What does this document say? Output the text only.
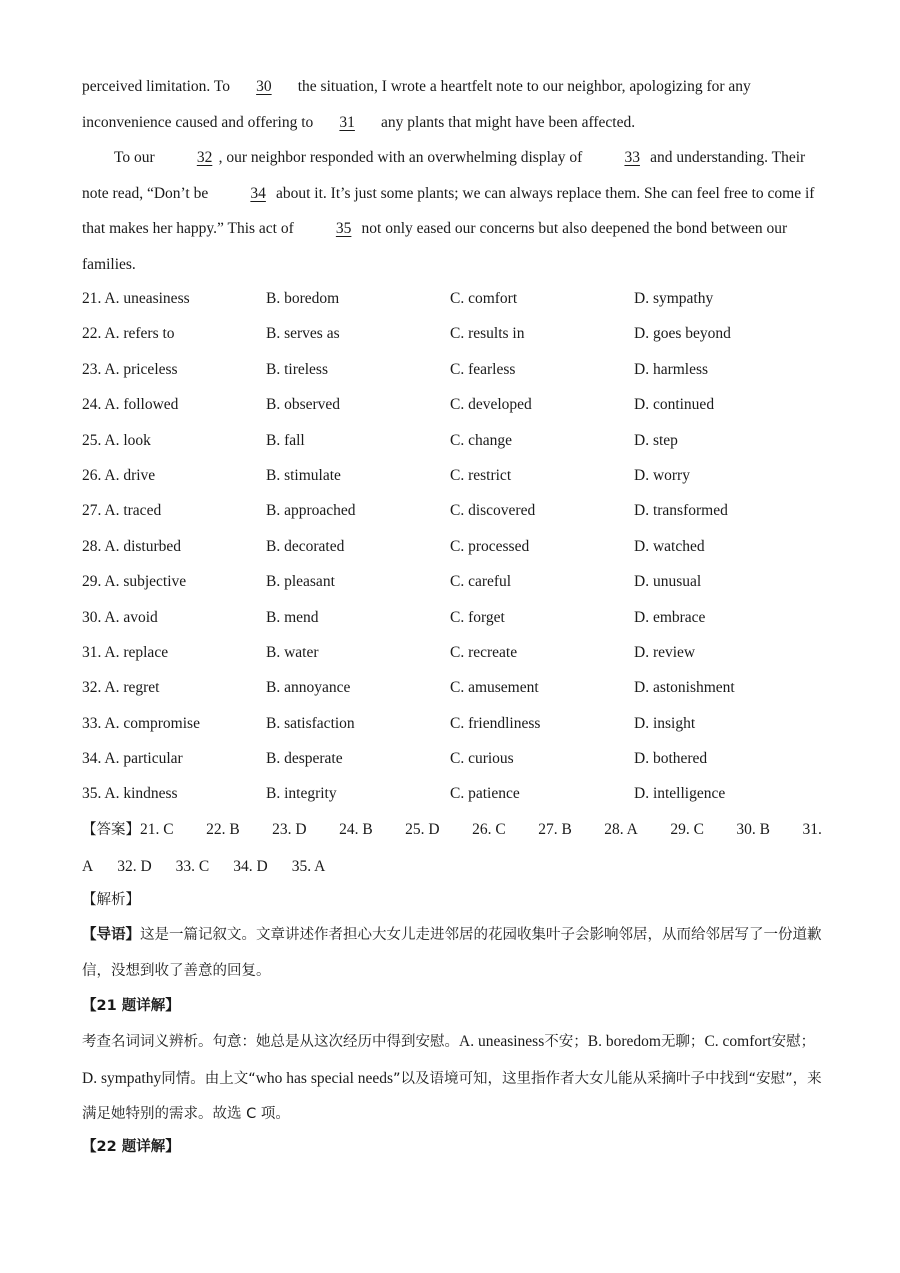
perceived limitation. To 30 the situation, I wrote a heartfelt note to our neighbor, apologizing for any inconvenience caused and offering to 31 any plants that might have been affected.
To our	32 , our neighbor responded with an overwhelming display of	33 and understanding. Their note read, “Don’t be	34 about it. It’s just some plants; we can always replace them. She can feel free to come if that makes her happy.” This act of	35 not only eased our concerns but also deepened the bond between our families.
21. A. uneasiness	B. boredom	C. comfort	D. sympathy
22. A. refers to	B. serves as	C. results in	D. goes beyond
23. A. priceless	B. tireless	C. fearless	D. harmless
24. A. followed	B. observed	C. developed	D. continued
25. A. look	B. fall	C. change	D. step
26. A. drive	B. stimulate	C. restrict	D. worry
27. A. traced	B. approached	C. discovered	D. transformed
28. A. disturbed	B. decorated	C. processed	D. watched
29. A. subjective	B. pleasant	C. careful	D. unusual
30. A. avoid	B. mend	C. forget	D. embrace
31. A. replace	B. water	C. recreate	D. review
32. A. regret	B. annoyance	C. amusement	D. astonishment
33. A. compromise	B. satisfaction	C. friendliness	D. insight
34. A. particular	B. desperate	C. curious	D. bothered
35. A. kindness	B. integrity	C. patience	D. intelligence
【答案】21. C 22. B 23. D 24. B 25. D 26. C 27. B 28. A 29. C 30. B 31.
A 32. D 33. C 34. D 35. A
【解析】
【导语】这是一篇记叙文。文章讲述作者担心大女儿走进邻居的花园收集叶子会影响邻居，从而给邻居写了一份道歉信，没想到收了善意的回复。
【21 题详解】
考查名词词义辨析。句意：她总是从这次经历中得到安慰。A. uneasiness不安；B. boredom无聊；C. comfort安慰；D. sympathy同情。由上文“who has special needs”以及语境可知，这里指作者大女儿能从采摘叶子中找到“安慰”，来满足她特别的需求。故选 C 项。
【22 题详解】
